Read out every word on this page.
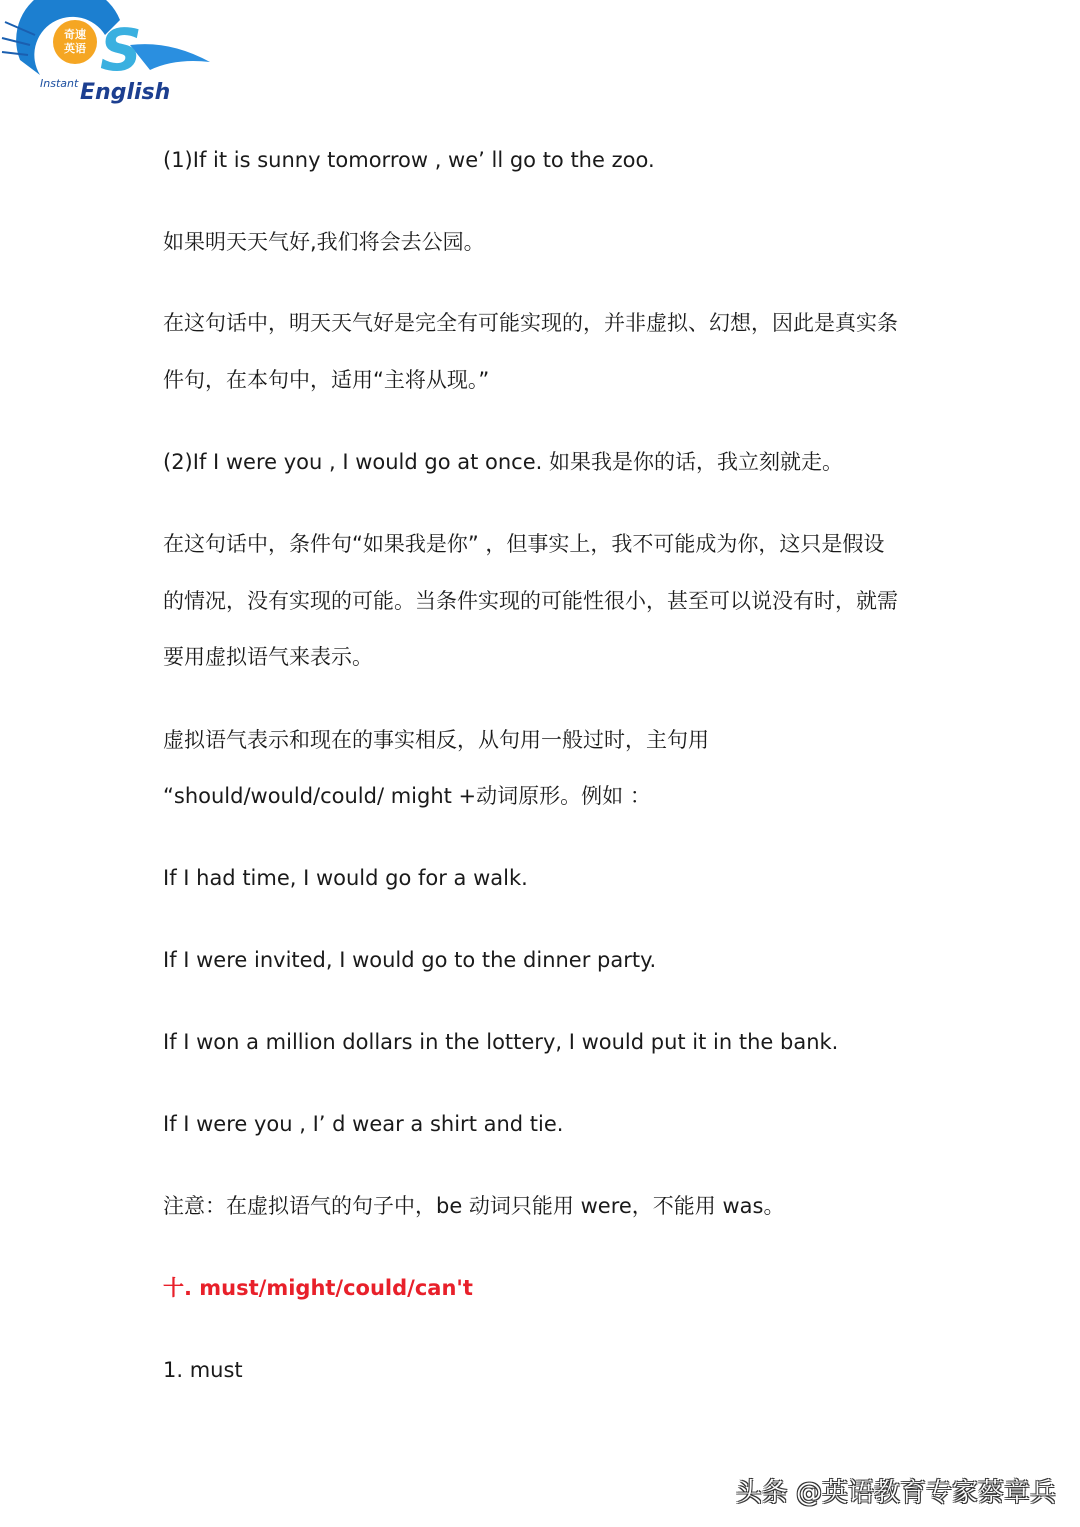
奇速
英语 S
Instant English
(1)If it is sunny tomorrow , we’ ll go to the zoo.
如果明天天气好,我们将会去公园。
在这句话中，明天天气好是完全有可能实现的，并非虚拟、幻想，因此是真实条
件句，在本句中，适用“主将从现。”
(2)If I were you , I would go at once. 如果我是你的话，我立刻就走。
在这句话中，条件句“如果我是你” ，但事实上，我不可能成为你，这只是假设
的情况，没有实现的可能。当条件实现的可能性很小，甚至可以说没有时，就需
要用虚拟语气来表示。
虚拟语气表示和现在的事实相反，从句用一般过时，主句用
“should/would/could/ might +动词原形。例如 ：
If I had time, I would go for a walk.
If I were invited, I would go to the dinner party.
If I won a million dollars in the lottery, I would put it in the bank.
If I were you , I’ d wear a shirt and tie.
注意：在虚拟语气的句子中，be 动词只能用 were，不能用 was。
十. must/might/could/can't
1. must
头条 @英语教育专家蔡章兵
